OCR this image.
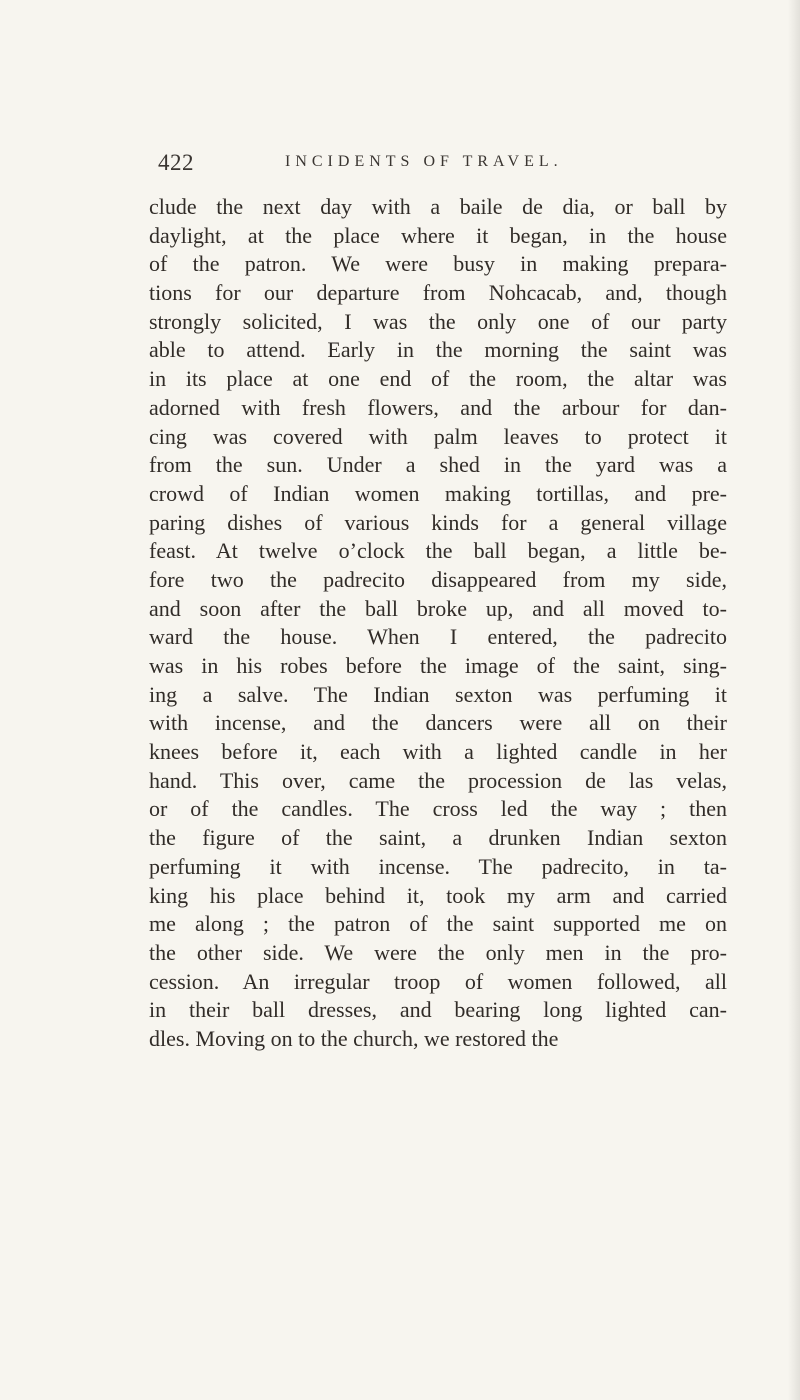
422	INCIDENTS OF TRAVEL.
clude the next day with a baile de dia, or ball by
daylight, at the place where it began, in the house
of the patron. We were busy in making prepara-
tions for our departure from Nohcacab, and, though
strongly solicited, I was the only one of our party
able to attend. Early in the morning the saint was
in its place at one end of the room, the altar was
adorned with fresh flowers, and the arbour for dan-
cing was covered with palm leaves to protect it
from the sun. Under a shed in the yard was a
crowd of Indian women making tortillas, and pre-
paring dishes of various kinds for a general village
feast. At twelve o’clock the ball began, a little be-
fore two the padrecito disappeared from my side,
and soon after the ball broke up, and all moved to-
ward the house. When I entered, the padrecito
was in his robes before the image of the saint, sing-
ing a salve. The Indian sexton was perfuming it
with incense, and the dancers were all on their
knees before it, each with a lighted candle in her
hand. This over, came the procession de las velas,
or of the candles. The cross led the way ; then
the figure of the saint, a drunken Indian sexton
perfuming it with incense. The padrecito, in ta-
king his place behind it, took my arm and carried
me along ; the patron of the saint supported me on
the other side. We were the only men in the pro-
cession. An irregular troop of women followed, all
in their ball dresses, and bearing long lighted can-
dles. Moving on to the church, we restored the
